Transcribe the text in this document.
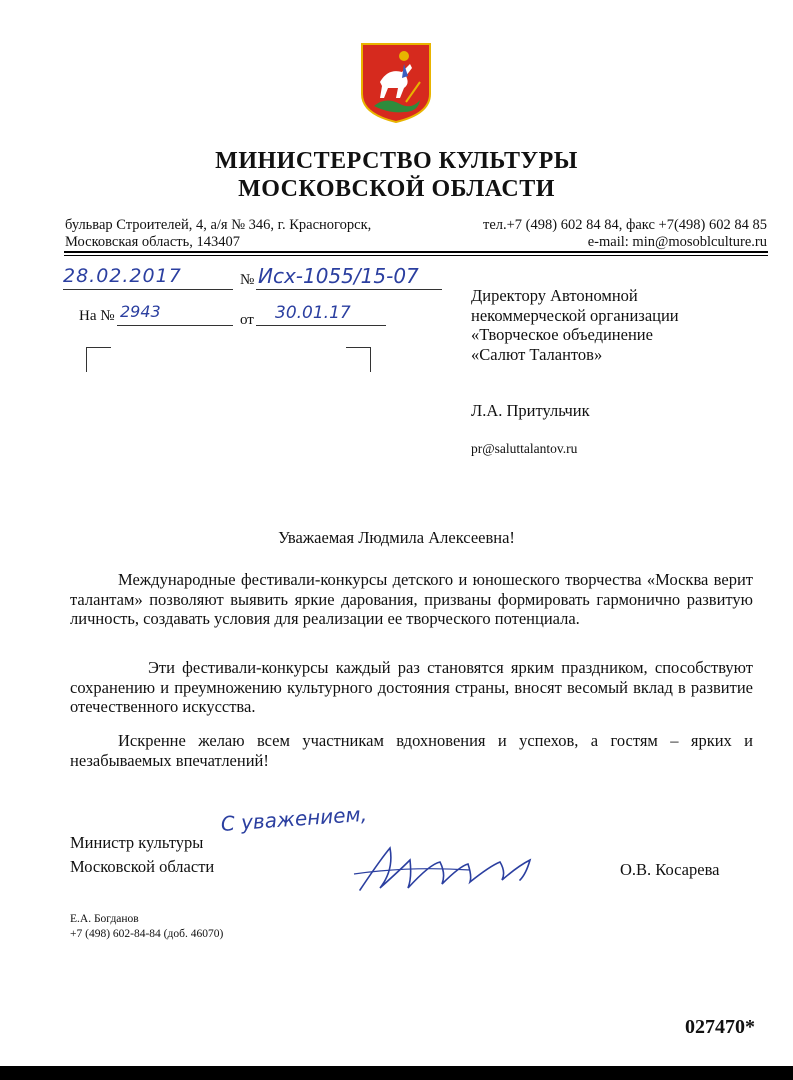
МИНИСТЕРСТВО КУЛЬТУРЫ
МОСКОВСКОЙ ОБЛАСТИ
бульвар Строителей, 4, а/я № 346, г. Красногорск,
Московская область, 143407
тел.+7 (498) 602 84 84, факс +7(498) 602 84 85
e-mail: min@mosoblculture.ru
28.02.2017	№ Исх-1055/15-07
На № 2943	от 30.01.17
Директору Автономной
некоммерческой организации
«Творческое объединение
«Салют Талантов»
Л.А. Притульчик
pr@saluttalantov.ru
Уважаемая Людмила Алексеевна!

Международные фестивали-конкурсы детского и юношеского творчества «Москва верит талантам» позволяют выявить яркие дарования, призваны формировать гармонично развитую личность, создавать условия для реализации ее творческого потенциала.

Эти фестивали-конкурсы каждый раз становятся ярким праздником, способствуют сохранению и преумножению культурного достояния страны, вносят весомый вклад в развитие отечественного искусства.

Искренне желаю всем участникам вдохновения и успехов, а гостям – ярких и незабываемых впечатлений!

Министр культуры
Московской области
С уважением,
О.В. Косарева
Е.А. Богданов
+7 (498) 602-84-84 (доб. 46070)
027470*
